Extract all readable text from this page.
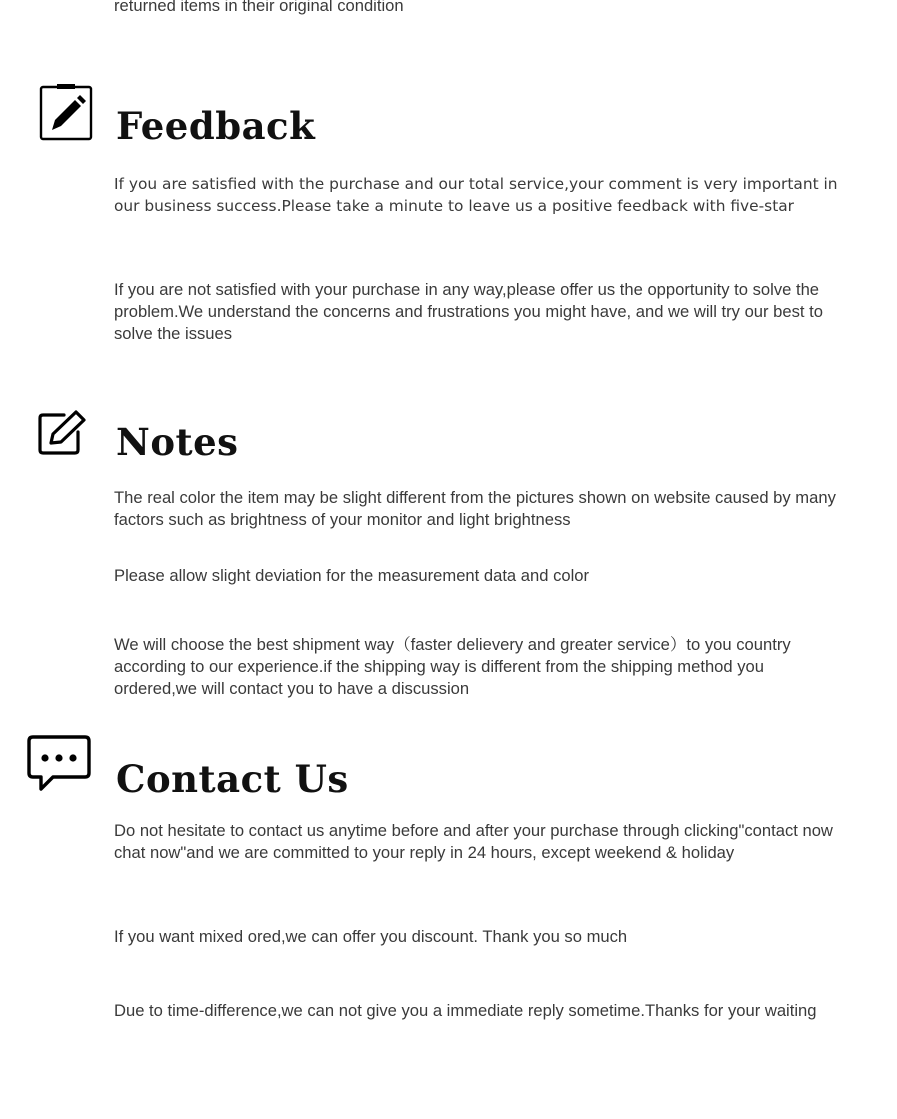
returned items in their original condition

Feedback

If you are satisfied with the purchase and our total service,your comment is very important in our business success.Please take a minute to leave us a positive feedback with five-star

If you are not satisfied with your purchase in any way,please offer us the opportunity to solve the problem.We understand the concerns and frustrations you might have, and we will try our best to solve the issues

Notes

The real color the item may be slight different from the pictures shown on website caused by many factors such as brightness of your monitor and light brightness

Please allow slight deviation for the measurement data and color

We will choose the best shipment way（faster delievery and greater service）to you country according to our experience.if the shipping way is different from the shipping method you ordered,we will contact you to have a discussion

Contact Us

Do not hesitate to contact us anytime before and after your purchase through clicking"contact now chat now"and we are committed to your reply in 24 hours, except weekend & holiday

If you want mixed ored,we can offer you discount. Thank you so much

Due to time-difference,we can not give you a immediate reply sometime.Thanks for your waiting
